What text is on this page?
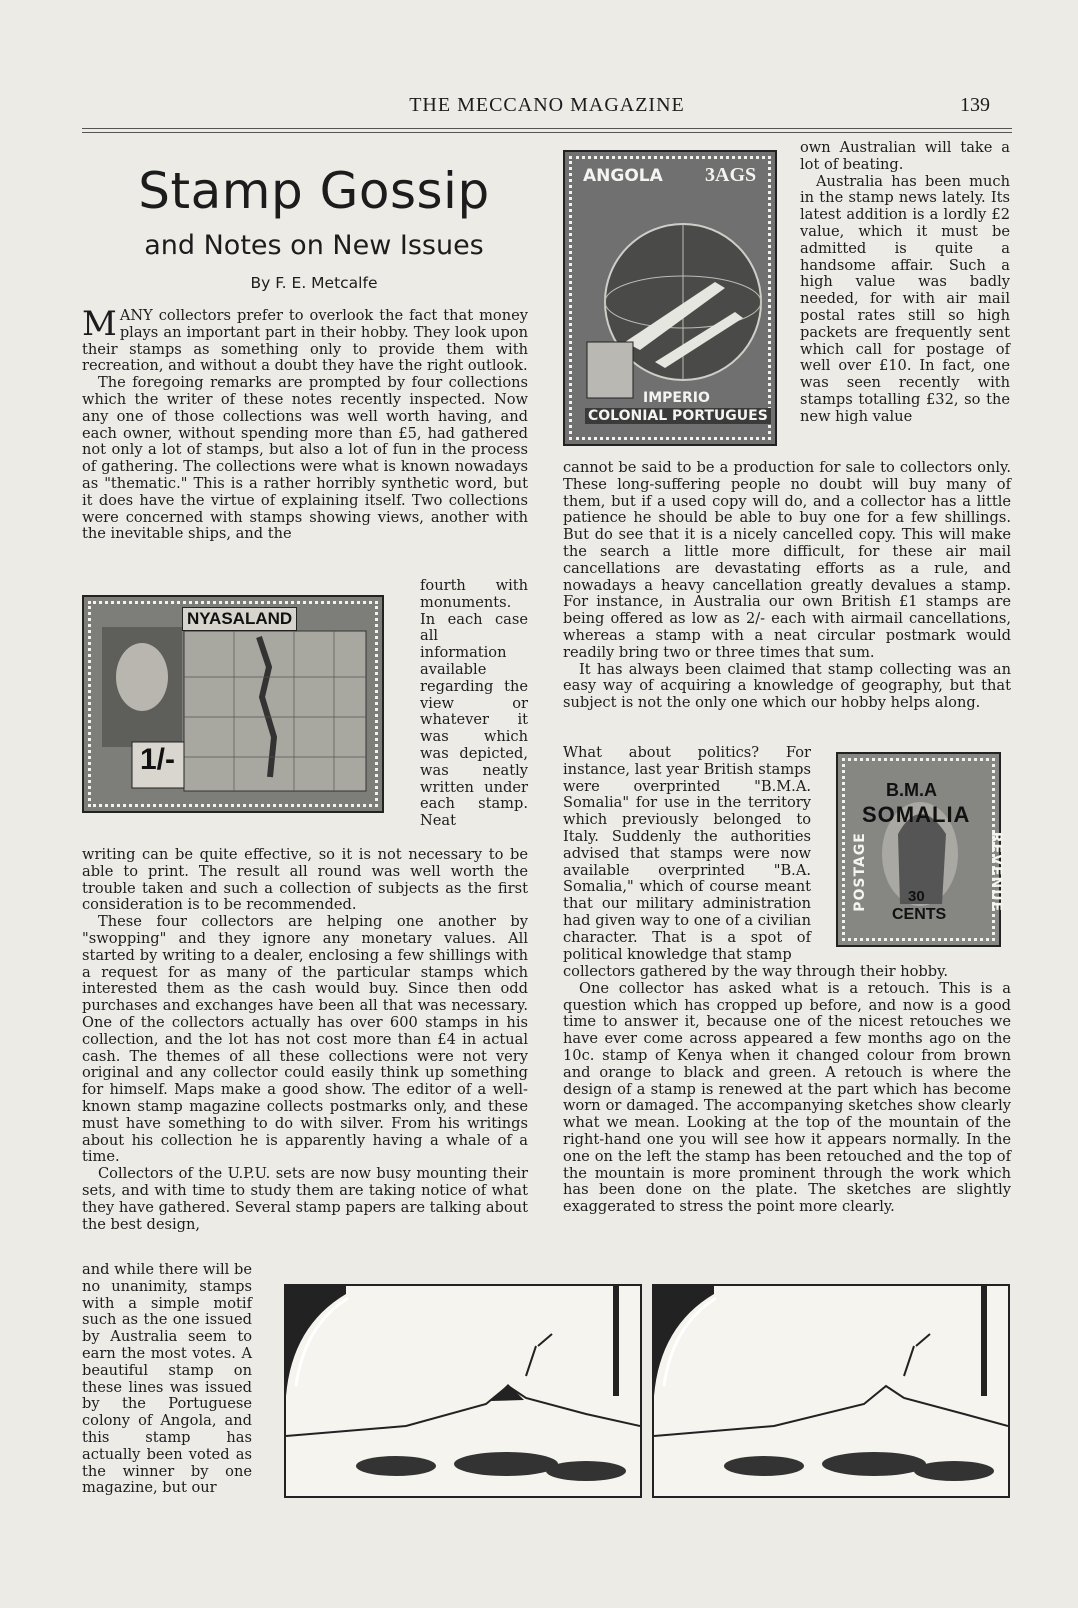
THE MECCANO MAGAZINE	139
Stamp Gossip
and Notes on New Issues
By F. E. Metcalfe

MANY collectors prefer to overlook the fact that money plays an important part in their hobby. They look upon their stamps as something only to provide them with recreation, and without a doubt they have the right outlook.

The foregoing remarks are prompted by four collections which the writer of these notes recently inspected. Now any one of those collections was well worth having, and each owner, without spending more than £5, had gathered not only a lot of stamps, but also a lot of fun in the process of gathering. The collections were what is known nowadays as "thematic." This is a rather horribly synthetic word, but it does have the virtue of explaining itself. Two collections were concerned with stamps showing views, another with the inevitable ships, and the

NYASALAND
1/-

fourth with monuments. In each case all information available regarding the view or whatever it was which was depicted, was neatly written under each stamp. Neat

writing can be quite effective, so it is not necessary to be able to print. The result all round was well worth the trouble taken and such a collection of subjects as the first consideration is to be recommended.

These four collectors are helping one another by "swopping" and they ignore any monetary values. All started by writing to a dealer, enclosing a few shillings with a request for as many of the particular stamps which interested them as the cash would buy. Since then odd purchases and exchanges have been all that was necessary. One of the collectors actually has over 600 stamps in his collection, and the lot has not cost more than £4 in actual cash. The themes of all these collections were not very original and any collector could easily think up something for himself. Maps make a good show. The editor of a well-known stamp magazine collects postmarks only, and these must have something to do with silver. From his writings about his collection he is apparently having a whale of a time.

Collectors of the U.P.U. sets are now busy mounting their sets, and with time to study them are taking notice of what they have gathered. Several stamp papers are talking about the best design,

and while there will be no unanimity, stamps with a simple motif such as the one issued by Australia seem to earn the most votes. A beautiful stamp on these lines was issued by the Portuguese colony of Angola, and this stamp has actually been voted as the winner by one magazine, but our

ANGOLA 3AGS
IMPERIO
COLONIAL PORTUGUES

own Australian will take a lot of beating.

Australia has been much in the stamp news lately. Its latest addition is a lordly £2 value, which it must be admitted is quite a handsome affair. Such a high value was badly needed, for with air mail postal rates still so high packets are frequently sent which call for postage of well over £10. In fact, one was seen recently with stamps totalling £32, so the new high value

cannot be said to be a production for sale to collectors only. These long-suffering people no doubt will buy many of them, but if a used copy will do, and a collector has a little patience he should be able to buy one for a few shillings. But do see that it is a nicely cancelled copy. This will make the search a little more difficult, for these air mail cancellations are devastating efforts as a rule, and nowadays a heavy cancellation greatly devalues a stamp. For instance, in Australia our own British £1 stamps are being offered as low as 2/- each with airmail cancellations, whereas a stamp with a neat circular postmark would readily bring two or three times that sum.

It has always been claimed that stamp collecting was an easy way of acquiring a knowledge of geography, but that subject is not the only one which our hobby helps along.

What about politics? For instance, last year British stamps were overprinted "B.M.A. Somalia" for use in the territory which previously belonged to Italy. Suddenly the authorities advised that stamps were now available overprinted "B.A. Somalia," which of course meant that our military administration had given way to one of a civilian character. That is a spot of political knowledge that stamp

B.M.A
SOMALIA
POSTAGE	REVENUE
30
CENTS

collectors gathered by the way through their hobby.

One collector has asked what is a retouch. This is a question which has cropped up before, and now is a good time to answer it, because one of the nicest retouches we have ever come across appeared a few months ago on the 10c. stamp of Kenya when it changed colour from brown and orange to black and green. A retouch is where the design of a stamp is renewed at the part which has become worn or damaged. The accompanying sketches show clearly what we mean. Looking at the top of the mountain of the right-hand one you will see how it appears normally. In the one on the left the stamp has been retouched and the top of the mountain is more prominent through the work which has been done on the plate. The sketches are slightly exaggerated to stress the point more clearly.
